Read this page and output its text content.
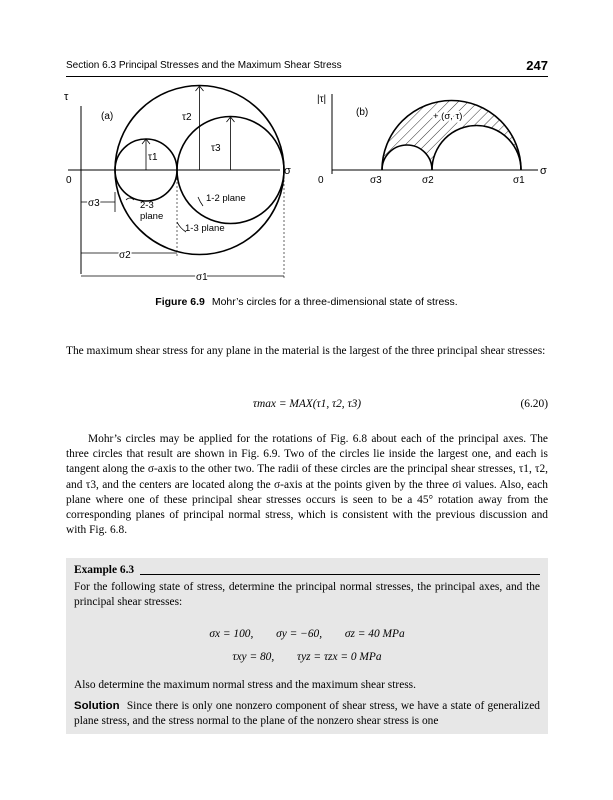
Section 6.3 Principal Stresses and the Maximum Shear Stress	247
τ
σ
0
(a)
τ1
τ2
τ3
σ3
σ2
σ1
2-3
plane
1-2 plane
1-3 plane
|τ|
σ
0
(b)	+ (σ, τ)
σ3	σ2	σ1
Figure 6.9 Mohr’s circles for a three-dimensional state of stress.
The maximum shear stress for any plane in the material is the largest of the three principal shear stresses:
τmax = MAX(τ1, τ2, τ3)	(6.20)
Mohr’s circles may be applied for the rotations of Fig. 6.8 about each of the principal axes. The three circles that result are shown in Fig. 6.9. Two of the circles lie inside the largest one, and each is tangent along the σ-axis to the other two. The radii of these circles are the principal shear stresses, τ1, τ2, and τ3, and the centers are located along the σ-axis at the points given by the three σi values. Also, each plane where one of these principal shear stresses occurs is seen to be a 45° rotation away from the corresponding planes of principal normal stress, which is consistent with the previous discussion and with Fig. 6.8.
Example 6.3
For the following state of stress, determine the principal normal stresses, the principal axes, and the principal shear stresses:
σx = 100,        σy = −60,        σz = 40 MPa
τxy = 80,        τyz = τzx = 0 MPa
Also determine the maximum normal stress and the maximum shear stress.
Solution Since there is only one nonzero component of shear stress, we have a state of generalized plane stress, and the stress normal to the plane of the nonzero shear stress is one
